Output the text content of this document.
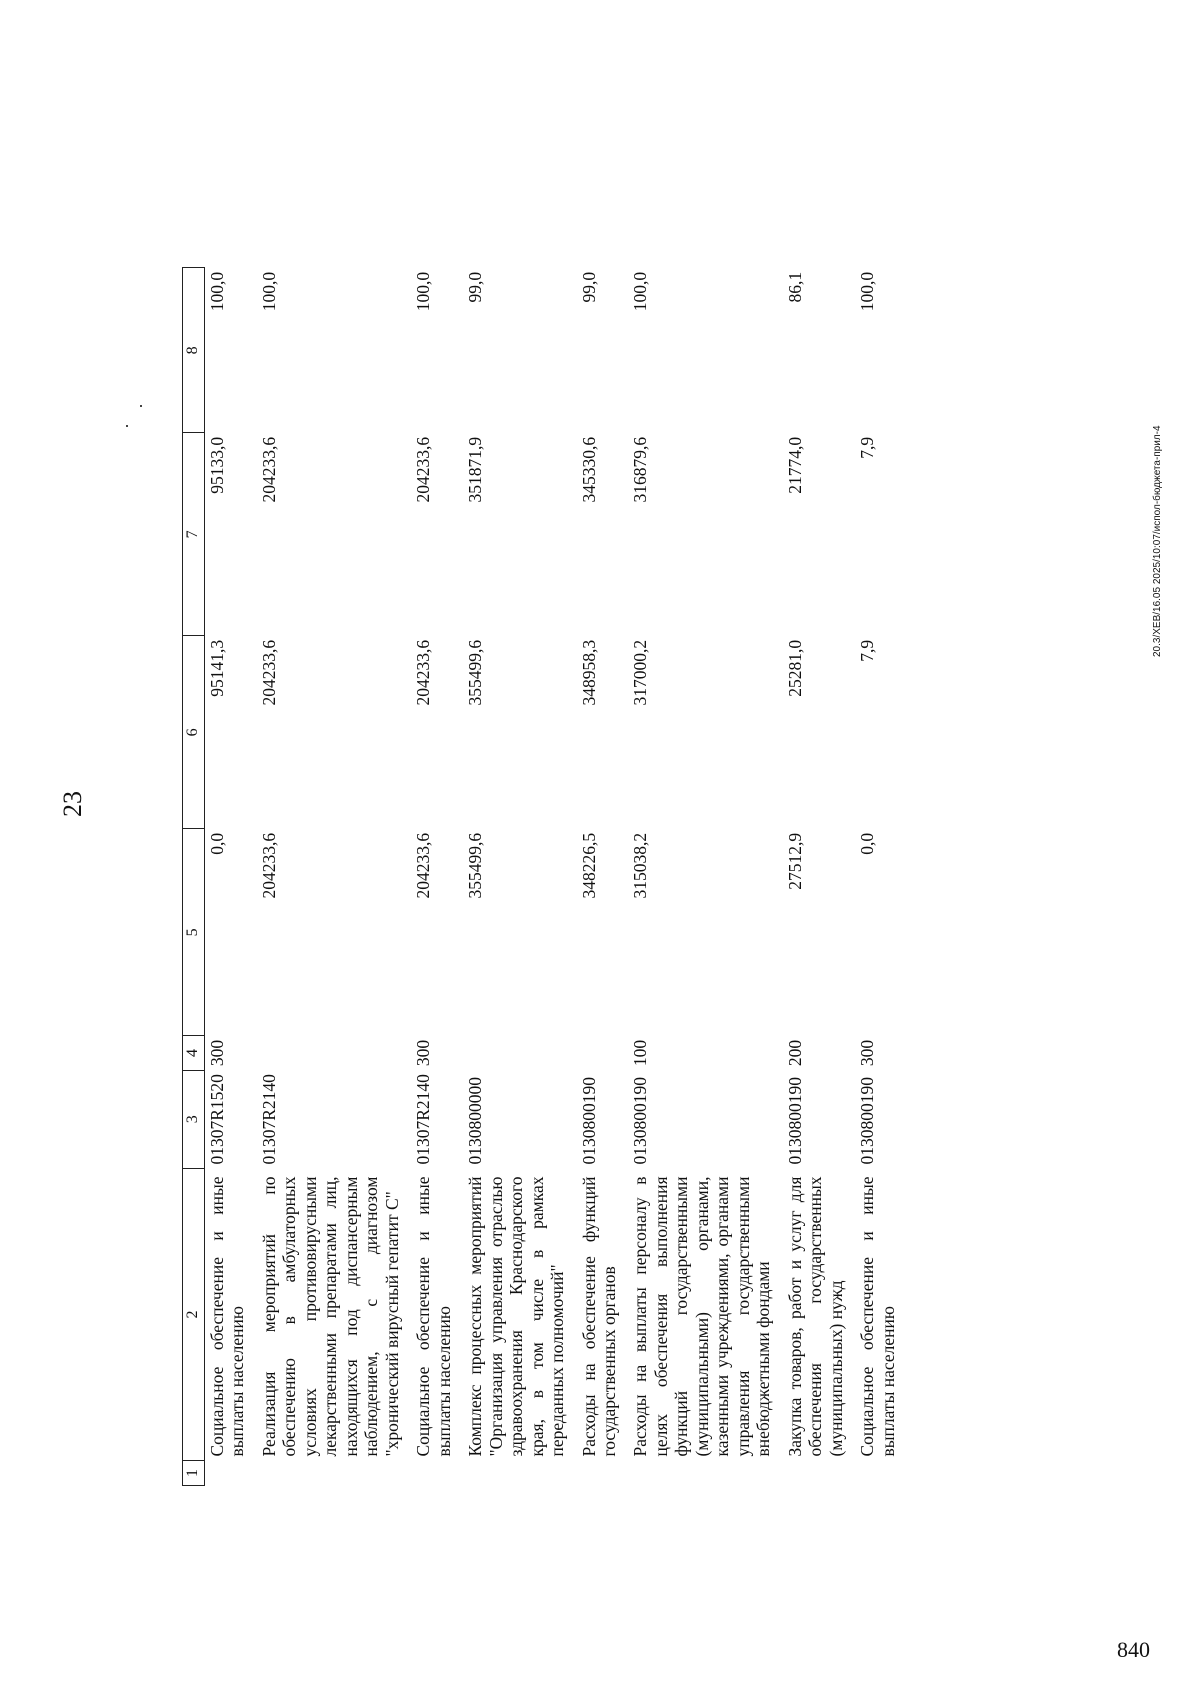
840
23
1	2	3	4	5	6	7	8
	Социальное обеспечение и иные выплаты населению	01307R1520	300	0,0	95141,3	95133,0	100,0
	Реализация мероприятий по обеспечению в амбулаторных условиях противовирусными лекарственными препаратами лиц, находящихся под диспансерным наблюдением, с диагнозом "хронический вирусный гепатит С"	01307R2140		204233,6	204233,6	204233,6	100,0
	Социальное обеспечение и иные выплаты населению	01307R2140	300	204233,6	204233,6	204233,6	100,0
	Комплекс процессных мероприятий "Организация управления отраслью здравоохранения Краснодарского края, в том числе в рамках переданных полномочий"	0130800000		355499,6	355499,6	351871,9	99,0
	Расходы на обеспечение функций государственных органов	0130800190		348226,5	348958,3	345330,6	99,0
	Расходы на выплаты персоналу в целях обеспечения выполнения функций государственными (муниципальными) органами, казенными учреждениями, органами управления государственными внебюджетными фондами	0130800190	100	315038,2	317000,2	316879,6	100,0
	Закупка товаров, работ и услуг для обеспечения государственных (муниципальных) нужд	0130800190	200	27512,9	25281,0	21774,0	86,1
	Социальное обеспечение и иные выплаты населению	0130800190	300	0,0	7,9	7,9	100,0
20.3/XEB/16.05 2025/10:07/испол-бюджета-прил-4
